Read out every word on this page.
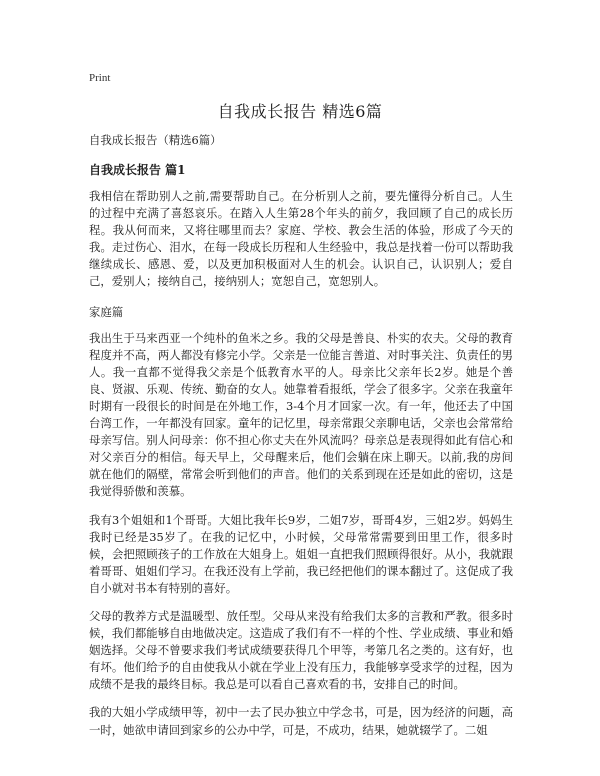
Print
自我成长报告 精选6篇

自我成长报告（精选6篇）

自我成长报告 篇1

我相信在帮助别人之前,需要帮助自己。在分析别人之前，要先懂得分析自己。人生的过程中充满了喜怒哀乐。在踏入人生第28个年头的前夕，我回顾了自己的成长历程。我从何而来，又将往哪里而去？家庭、学校、教会生活的体验，形成了今天的我。走过伤心、泪水，在每一段成长历程和人生经验中，我总是找着一份可以帮助我继续成长、感恩、爱，以及更加积极面对人生的机会。认识自己，认识别人；爱自己，爱别人；接纳自己，接纳别人；宽恕自己，宽恕别人。

家庭篇

我出生于马来西亚一个纯朴的鱼米之乡。我的父母是善良、朴实的农夫。父母的教育程度并不高，两人都没有修完小学。父亲是一位能言善道、对时事关注、负责任的男人。我一直都不觉得我父亲是个低教育水平的人。母亲比父亲年长2岁。她是个善良、贤淑、乐观、传统、勤奋的女人。她靠着看报纸，学会了很多字。父亲在我童年时期有一段很长的时间是在外地工作，3-4个月才回家一次。有一年，他还去了中国台湾工作，一年都没有回家。童年的记忆里，母亲常跟父亲聊电话，父亲也会常常给母亲写信。别人问母亲：你不担心你丈夫在外风流吗？母亲总是表现得如此有信心和对父亲百分的相信。每天早上，父母醒来后，他们会躺在床上聊天。以前,我的房间就在他们的隔壁，常常会听到他们的声音。他们的关系到现在还是如此的密切，这是我觉得骄傲和羡慕。

我有3个姐姐和1个哥哥。大姐比我年长9岁，二姐7岁，哥哥4岁，三姐2岁。妈妈生我时已经是35岁了。在我的记忆中，小时候，父母常常需要到田里工作，很多时候，会把照顾孩子的工作放在大姐身上。姐姐一直把我们照顾得很好。从小，我就跟着哥哥、姐姐们学习。在我还没有上学前，我已经把他们的课本翻过了。这促成了我自小就对书本有特别的喜好。

父母的教养方式是温暖型、放任型。父母从来没有给我们太多的言教和严教。很多时候，我们都能够自由地做决定。这造成了我们有不一样的个性、学业成绩、事业和婚姻选择。父母不曾要求我们考试成绩要获得几个甲等，考第几名之类的。这有好，也有坏。他们给予的自由使我从小就在学业上没有压力，我能够享受求学的过程，因为成绩不是我的最终目标。我总是可以看自己喜欢看的书，安排自己的时间。

我的大姐小学成绩甲等，初中一去了民办独立中学念书，可是，因为经济的问题，高一时，她欲申请回到家乡的公办中学，可是，不成功，结果，她就辍学了。二姐
